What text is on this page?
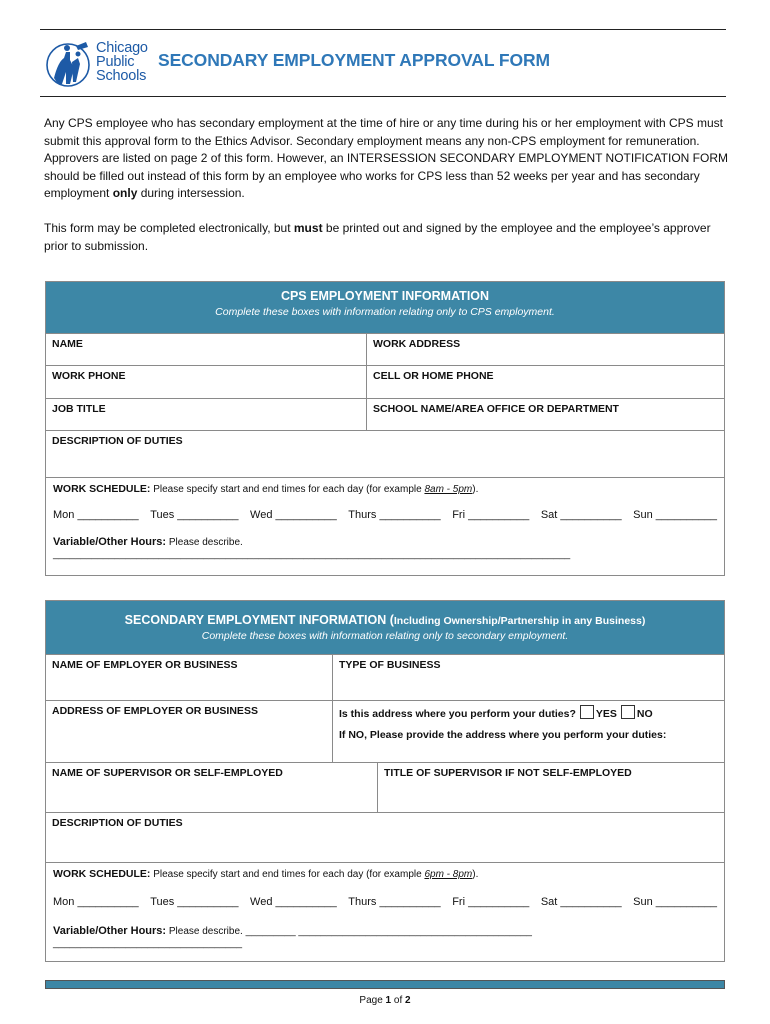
Chicago
Public
Schools
SECONDARY EMPLOYMENT APPROVAL FORM

Any CPS employee who has secondary employment at the time of hire or any time during his or her employment with CPS must submit this approval form to the Ethics Advisor. Secondary employment means any non-CPS employment for remuneration. Approvers are listed on page 2 of this form. However, an INTERSESSION SECONDARY EMPLOYMENT NOTIFICATION FORM should be filled out instead of this form by an employee who works for CPS less than 52 weeks per year and has secondary employment only during intersession.

This form may be completed electronically, but must be printed out and signed by the employee and the employee’s approver prior to submission.

CPS EMPLOYMENT INFORMATION
Complete these boxes with information relating only to CPS employment.
NAME	WORK ADDRESS
WORK PHONE	CELL OR HOME PHONE
JOB TITLE	SCHOOL NAME/AREA OFFICE OR DEPARTMENT
DESCRIPTION OF DUTIES
WORK SCHEDULE: Please specify start and end times for each day (for example 8am - 5pm).
Mon __________ Tues __________ Wed __________ Thurs __________ Fri __________ Sat __________ Sun __________
Variable/Other Hours: Please describe. _____________________________________________________________________________________________
SECONDARY EMPLOYMENT INFORMATION (Including Ownership/Partnership in any Business)
Complete these boxes with information relating only to secondary employment.
NAME OF EMPLOYER OR BUSINESS	TYPE OF BUSINESS
ADDRESS OF EMPLOYER OR BUSINESS	Is this address where you perform your duties? YES NO
If NO, Please provide the address where you perform your duties:
NAME OF SUPERVISOR OR SELF-EMPLOYED	TITLE OF SUPERVISOR IF NOT SELF-EMPLOYED
DESCRIPTION OF DUTIES
WORK SCHEDULE: Please specify start and end times for each day (for example 6pm - 8pm).
Mon __________ Tues __________ Wed __________ Thurs __________ Fri __________ Sat __________ Sun __________
Variable/Other Hours: Please describe. _________ __________________________________________ __________________________________
Page 1 of 2
